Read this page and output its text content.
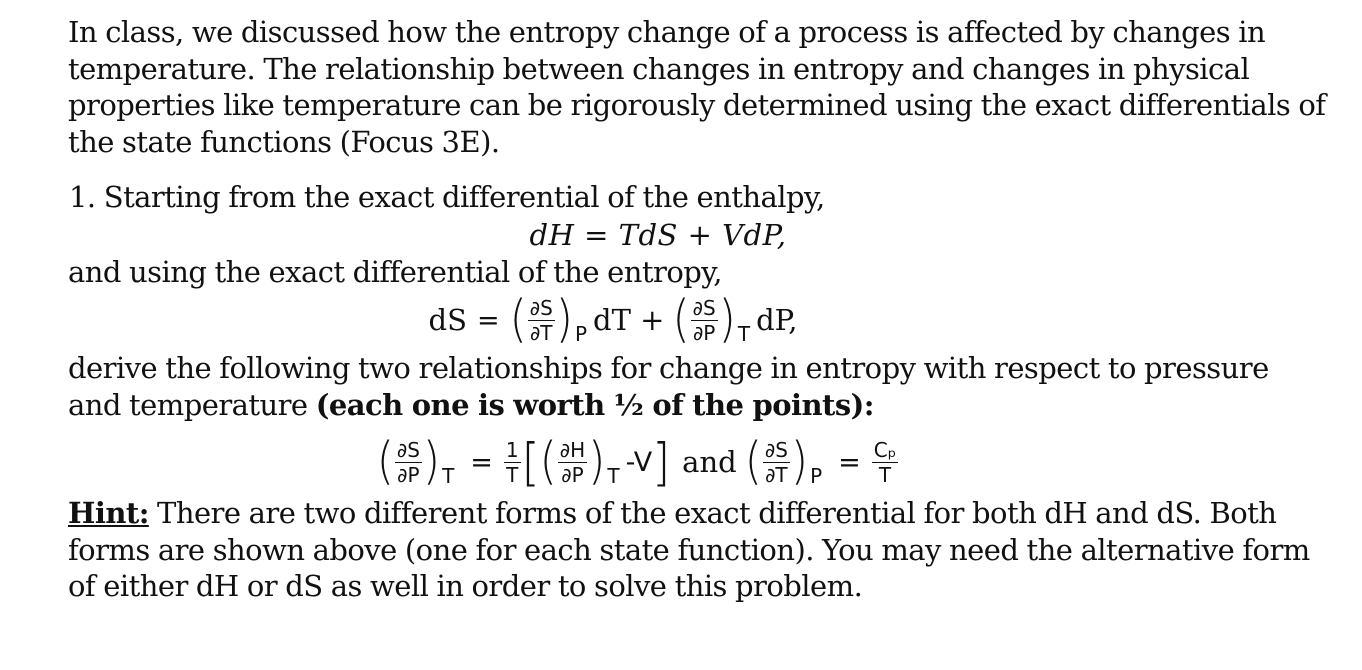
In class, we discussed how the entropy change of a process is affected by changes in temperature. The relationship between changes in entropy and changes in physical properties like temperature can be rigorously determined using the exact differentials of the state functions (Focus 3E).

1. Starting from the exact differential of the enthalpy,

dH = TdS + VdP,

and using the exact differential of the entropy,

dS = ( $\frac{\partial S}{\partial T}$ ) P dT + ( $\frac{\partial S}{\partial P}$ ) T dP,

derive the following two relationships for change in entropy with respect to pressure and temperature (each one is worth ½ of the points):

( $\frac{\partial S}{\partial P}$ ) $T = \frac{1}{T}$ [ ( $\frac{\partial H}{\partial P}$ ) T -V ] and ( $\frac{\partial S}{\partial T}$ ) $P = \frac{\text{Cₚ}}{T}$

Hint: There are two different forms of the exact differential for both dH and dS. Both forms are shown above (one for each state function). You may need the alternative form of either dH or dS as well in order to solve this problem.
